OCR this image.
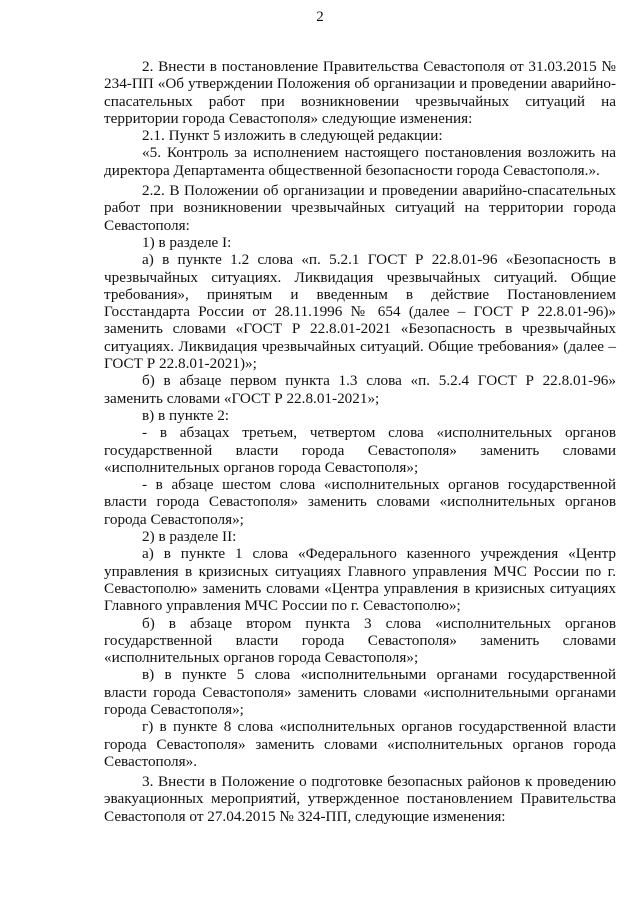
2

2. Внести в постановление Правительства Севастополя от 31.03.2015 № 234-ПП «Об утверждении Положения об организации и проведении аварийно-спасательных работ при возникновении чрезвычайных ситуаций на территории города Севастополя» следующие изменения:

2.1. Пункт 5 изложить в следующей редакции:

«5. Контроль за исполнением настоящего постановления возложить на директора Департамента общественной безопасности города Севастополя.».

2.2. В Положении об организации и проведении аварийно-спасательных работ при возникновении чрезвычайных ситуаций на территории города Севастополя:

1) в разделе I:

а) в пункте 1.2 слова «п. 5.2.1 ГОСТ Р 22.8.01-96 «Безопасность в чрезвычайных ситуациях. Ликвидация чрезвычайных ситуаций. Общие требования», принятым и введенным в действие Постановлением Госстандарта России от 28.11.1996 № 654 (далее – ГОСТ Р 22.8.01-96)» заменить словами «ГОСТ Р 22.8.01-2021 «Безопасность в чрезвычайных ситуациях. Ликвидация чрезвычайных ситуаций. Общие требования» (далее – ГОСТ Р 22.8.01-2021)»;

б) в абзаце первом пункта 1.3 слова «п. 5.2.4 ГОСТ Р 22.8.01-96» заменить словами «ГОСТ Р 22.8.01-2021»;

в) в пункте 2:

- в абзацах третьем, четвертом слова «исполнительных органов государственной власти города Севастополя» заменить словами «исполнительных органов города Севастополя»;

- в абзаце шестом слова «исполнительных органов государственной власти города Севастополя» заменить словами «исполнительных органов города Севастополя»;

2) в разделе II:

а) в пункте 1 слова «Федерального казенного учреждения «Центр управления в кризисных ситуациях Главного управления МЧС России по г. Севастополю» заменить словами «Центра управления в кризисных ситуациях Главного управления МЧС России по г. Севастополю»;

б) в абзаце втором пункта 3 слова «исполнительных органов государственной власти города Севастополя» заменить словами «исполнительных органов города Севастополя»;

в) в пункте 5 слова «исполнительными органами государственной власти города Севастополя» заменить словами «исполнительными органами города Севастополя»;

г) в пункте 8 слова «исполнительных органов государственной власти города Севастополя» заменить словами «исполнительных органов города Севастополя».

3. Внести в Положение о подготовке безопасных районов к проведению эвакуационных мероприятий, утвержденное постановлением Правительства Севастополя от 27.04.2015 № 324-ПП, следующие изменения:
